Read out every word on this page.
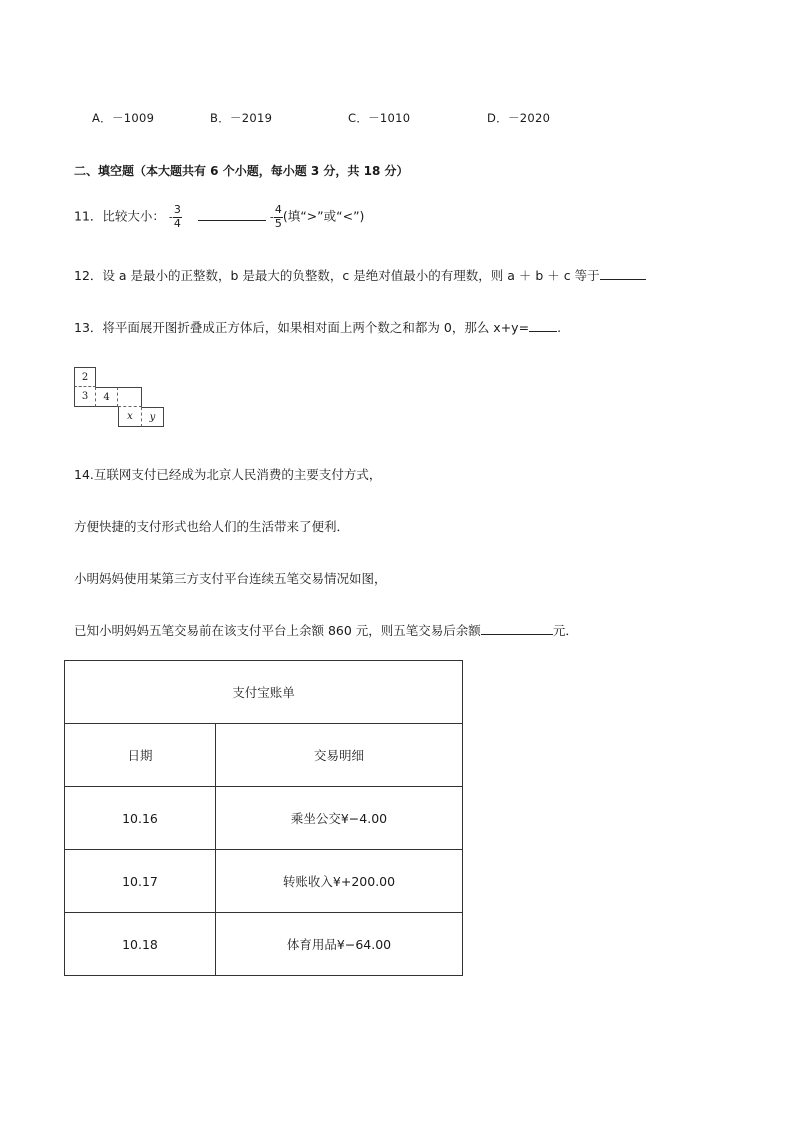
A．－1009	B．－2019	C．－1010	D．－2020
二、填空题（本大题共有 6 个小题，每小题 3 分，共 18 分）
11．比较大小： - $\frac{3}{4}$	- $\frac{4}{5}$ (填“>”或“<”)
12．设 a 是最小的正整数，b 是最大的负整数，c 是绝对值最小的有理数，则 a ＋ b ＋ c 等于
13．将平面展开图折叠成正方体后，如果相对面上两个数之和都为 0，那么 x+y= .
2
3 4
x y
14.互联网支付已经成为北京人民消费的主要支付方式，
方便快捷的支付形式也给人们的生活带来了便利．
小明妈妈使用某第三方支付平台连续五笔交易情况如图，
已知小明妈妈五笔交易前在该支付平台上余额 860 元，则五笔交易后余额	元．
支付宝账单	
日期	交易明细
10.16	乘坐公交¥−4.00
10.17	转账收入¥+200.00
10.18	体育用品¥−64.00
